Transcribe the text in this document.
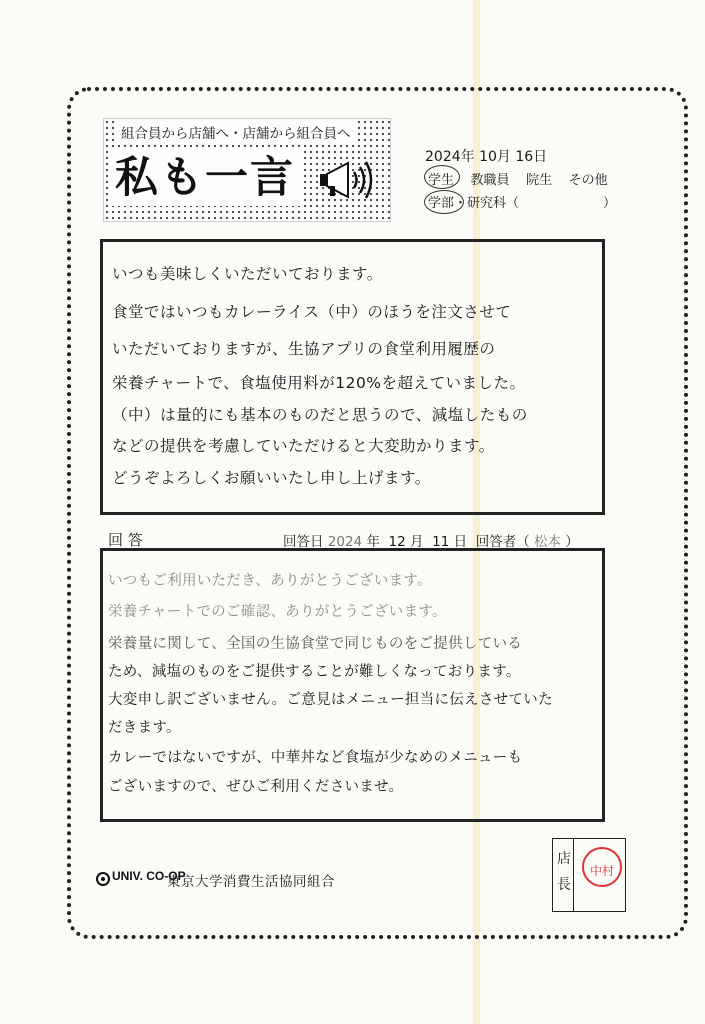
組合員から店舗へ・店舗から組合員へ
私も一言	2024年 10月 16日
学生 教職員 院生 その他
学部・研究科（	）
いつも美味しくいただいております。
食堂ではいつもカレーライス（中）のほうを注文させて
いただいておりますが、生協アプリの食堂利用履歴の
栄養チャートで、食塩使用料が120%を超えていました。
（中）は量的にも基本のものだと思うので、減塩したもの
などの提供を考慮していただけると大変助かります。
どうぞよろしくお願いいたし申し上げます。
回 答	回答日 2024 年 12 月 11 日 回答者（ 松本 ）
いつもご利用いただき、ありがとうございます。
栄養チャートでのご確認、ありがとうございます。
栄養量に関して、全国の生協食堂で同じものをご提供している
ため、減塩のものをご提供することが難しくなっております。
大変申し訳ございません。ご意見はメニュー担当に伝えさせていた
だきます。
カレーではないですが、中華丼など食塩が少なめのメニューも
ございますので、ぜひご利用くださいませ。
UNIV. CO-OP
東京大学消費生活協同組合
店
長
中村
